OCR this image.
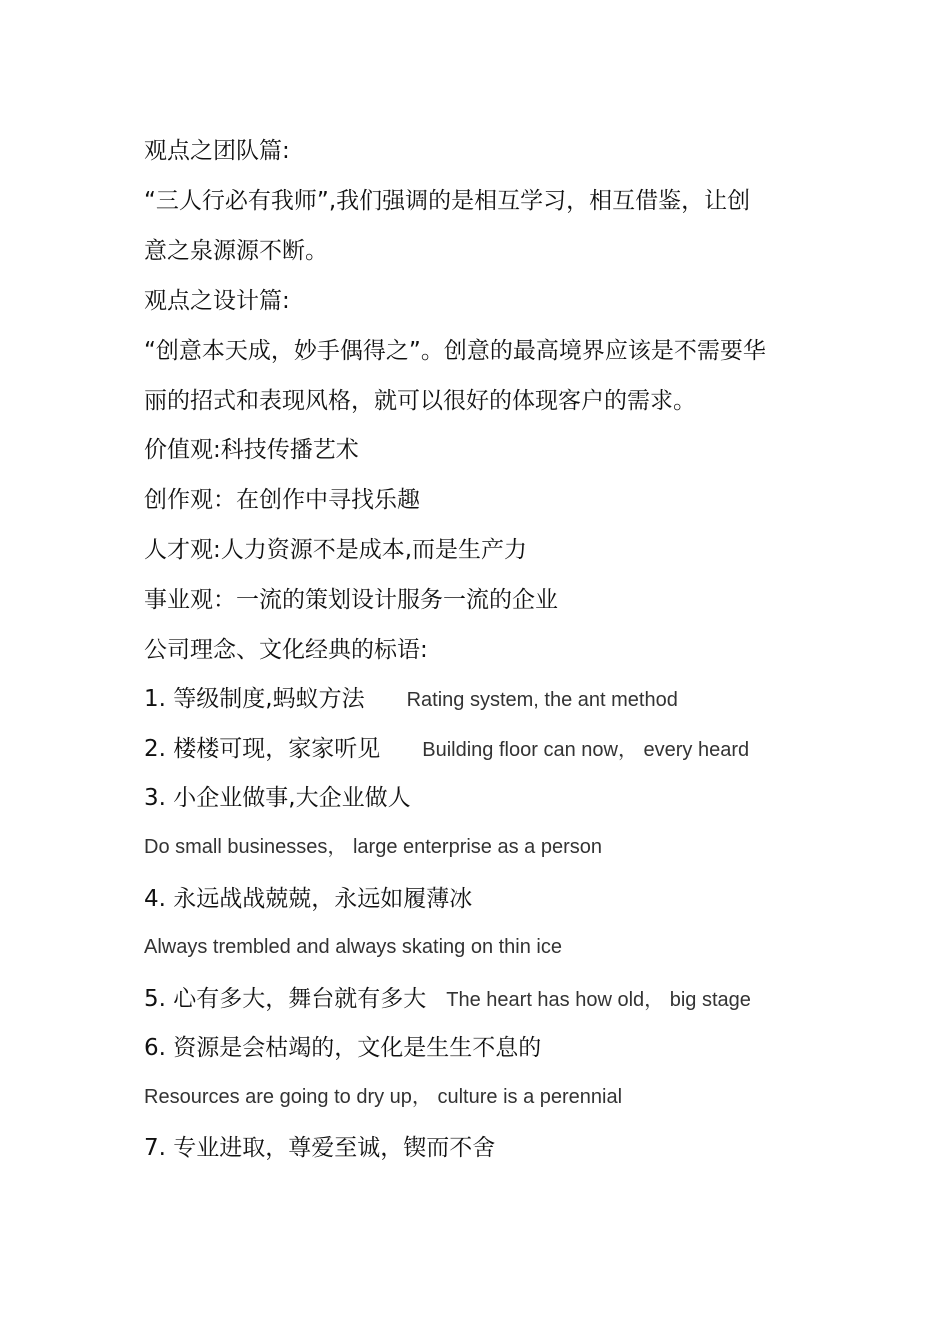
观点之团队篇:
“三人行必有我师”,我们强调的是相互学习，相互借鉴，让创
意之泉源源不断。
观点之设计篇:
“创意本天成，妙手偶得之”。创意的最高境界应该是不需要华
丽的招式和表现风格，就可以很好的体现客户的需求。
价值观:科技传播艺术
创作观：在创作中寻找乐趣
人才观:人力资源不是成本,而是生产力
事业观：一流的策划设计服务一流的企业
公司理念、文化经典的标语:
1. 等级制度,蚂蚁方法 Rating system, the ant method
2. 楼楼可现，家家听见 Building floor can now， every heard
3. 小企业做事,大企业做人
Do small businesses， large enterprise as a person
4. 永远战战兢兢，永远如履薄冰
Always trembled and always skating on thin ice
5. 心有多大，舞台就有多大 The heart has how old， big stage
6. 资源是会枯竭的，文化是生生不息的
Resources are going to dry up， culture is a perennial
7. 专业进取，尊爱至诚，锲而不舍
